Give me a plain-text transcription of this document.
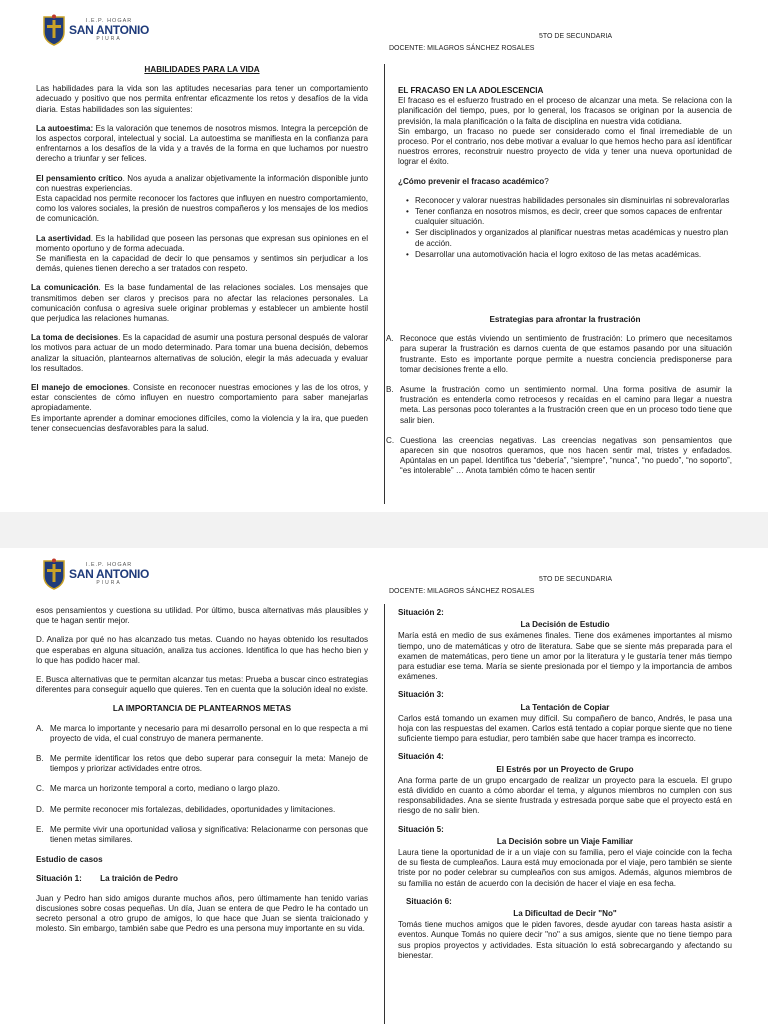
I.E.P. HOGAR
SAN ANTONIO
PIURA	5TO DE SECUNDARIA
DOCENTE: MILAGROS SÁNCHEZ ROSALES
HABILIDADES PARA LA VIDA

Las habilidades para la vida son las aptitudes necesarias para tener un comportamiento adecuado y positivo que nos permita enfrentar eficazmente los retos y desafíos de la vida diaria. Estas habilidades son las siguientes:

La autoestima: Es la valoración que tenemos de nosotros mismos. Integra la percepción de los aspectos corporal, intelectual y social. La autoestima se manifiesta en la confianza para enfrentarnos a los desafíos de la vida y a través de la forma en que luchamos por nuestro derecho a triunfar y ser felices.

El pensamiento crítico. Nos ayuda a analizar objetivamente la información disponible junto con nuestras experiencias.
Esta capacidad nos permite reconocer los factores que influyen en nuestro comportamiento, como los valores sociales, la presión de nuestros compañeros y los mensajes de los medios de comunicación.

La asertividad. Es la habilidad que poseen las personas que expresan sus opiniones en el momento oportuno y de forma adecuada.
Se manifiesta en la capacidad de decir lo que pensamos y sentimos sin perjudicar a los demás, quienes tienen derecho a ser tratados con respeto.

La comunicación. Es la base fundamental de las relaciones sociales. Los mensajes que transmitimos deben ser claros y precisos para no afectar las relaciones personales. La comunicación confusa o agresiva suele originar problemas y establecer un ambiente hostil que perjudica las relaciones humanas.

La toma de decisiones. Es la capacidad de asumir una postura personal después de valorar los motivos para actuar de un modo determinado. Para tomar una buena decisión, debemos analizar la situación, plantearnos alternativas de solución, elegir la más adecuada y evaluar los resultados.

El manejo de emociones. Consiste en reconocer nuestras emociones y las de los otros, y estar conscientes de cómo influyen en nuestro comportamiento para saber manejarlas apropiadamente.
Es importante aprender a dominar emociones difíciles, como la violencia y la ira, que pueden tener consecuencias desfavorables para la salud.

EL FRACASO EN LA ADOLESCENCIA
El fracaso es el esfuerzo frustrado en el proceso de alcanzar una meta. Se relaciona con la planificación del tiempo, pues, por lo general, los fracasos se originan por la ausencia de previsión, la mala planificación o la falta de disciplina en nuestra vida cotidiana.

Sin embargo, un fracaso no puede ser considerado como el final irremediable de un proceso. Por el contrario, nos debe motivar a evaluar lo que hemos hecho para así identificar nuestros errores, reconstruir nuestro proyecto de vida y tener una nueva oportunidad de lograr el éxito.

¿Cómo prevenir el fracaso académico?

• Reconocer y valorar nuestras habilidades personales sin disminuirlas ni sobrevalorarlas
• Tener confianza en nosotros mismos, es decir, creer que somos capaces de enfrentar cualquier situación.
• Ser disciplinados y organizados al planificar nuestras metas académicas y nuestro plan de acción.
• Desarrollar una automotivación hacia el logro exitoso de las metas académicas.
Estrategias para afrontar la frustración
A. Reconoce que estás viviendo un sentimiento de frustración: Lo primero que necesitamos para superar la frustración es darnos cuenta de que estamos pasando por una situación frustrante. Esto es importante porque permite a nuestra conciencia predisponerse para tomar decisiones frente a ello.
B. Asume la frustración como un sentimiento normal. Una forma positiva de asumir la frustración es entenderla como retrocesos y recaídas en el camino para llegar a nuestra meta. Las personas poco tolerantes a la frustración creen que en un proceso todo tiene que salir bien.
C. Cuestiona las creencias negativas. Las creencias negativas son pensamientos que aparecen sin que nosotros queramos, que nos hacen sentir mal, tristes y enfadados. Apúntalas en un papel. Identifica tus “debería”, “siempre”, “nunca”, “no puedo”, “no soporto”, “es intolerable” … Anota también cómo te hacen sentir
I.E.P. HOGAR
SAN ANTONIO
PIURA	5TO DE SECUNDARIA
DOCENTE: MILAGROS SÁNCHEZ ROSALES

esos pensamientos y cuestiona su utilidad. Por último, busca alternativas más plausibles y que te hagan sentir mejor.

D. Analiza por qué no has alcanzado tus metas. Cuando no hayas obtenido los resultados que esperabas en alguna situación, analiza tus acciones. Identifica lo que has hecho bien y lo que has podido hacer mal.

E. Busca alternativas que te permitan alcanzar tus metas: Prueba a buscar cinco estrategias diferentes para conseguir aquello que quieres. Ten en cuenta que la solución ideal no existe.

LA IMPORTANCIA DE PLANTEARNOS METAS
A. Me marca lo importante y necesario para mi desarrollo personal en lo que respecta a mi proyecto de vida, el cual construyo de manera permanente.
B. Me permite identificar los retos que debo superar para conseguir la meta: Manejo de tiempos y priorizar actividades entre otros.
C. Me marca un horizonte temporal a corto, mediano o largo plazo.
D. Me permite reconocer mis fortalezas, debilidades, oportunidades y limitaciones.
E. Me permite vivir una oportunidad valiosa y significativa: Relacionarme con personas que tienen metas similares.
Estudio de casos
Situación 1: La traición de Pedro

Juan y Pedro han sido amigos durante muchos años, pero últimamente han tenido varias discusiones sobre cosas pequeñas. Un día, Juan se entera de que Pedro le ha contado un secreto personal a otro grupo de amigos, lo que hace que Juan se sienta traicionado y molesto. Sin embargo, también sabe que Pedro es una persona muy importante en su vida.

Situación 2:
La Decisión de Estudio
María está en medio de sus exámenes finales. Tiene dos exámenes importantes al mismo tiempo, uno de matemáticas y otro de literatura. Sabe que se siente más preparada para el examen de matemáticas, pero tiene un amor por la literatura y le gustaría tener más tiempo para estudiar ese tema. María se siente presionada por el tiempo y la importancia de ambos exámenes.
Situación 3:
La Tentación de Copiar
Carlos está tomando un examen muy difícil. Su compañero de banco, Andrés, le pasa una hoja con las respuestas del examen. Carlos está tentado a copiar porque siente que no tiene suficiente tiempo para estudiar, pero también sabe que hacer trampa es incorrecto.
Situación 4:
El Estrés por un Proyecto de Grupo
Ana forma parte de un grupo encargado de realizar un proyecto para la escuela. El grupo está dividido en cuanto a cómo abordar el tema, y algunos miembros no cumplen con sus responsabilidades. Ana se siente frustrada y estresada porque sabe que el proyecto está en riesgo de no salir bien.
Situación 5:
La Decisión sobre un Viaje Familiar
Laura tiene la oportunidad de ir a un viaje con su familia, pero el viaje coincide con la fecha de su fiesta de cumpleaños. Laura está muy emocionada por el viaje, pero también se siente triste por no poder celebrar su cumpleaños con sus amigos. Además, algunos miembros de su familia no están de acuerdo con la decisión de hacer el viaje en esa fecha.
Situación 6:
La Dificultad de Decir "No"
Tomás tiene muchos amigos que le piden favores, desde ayudar con tareas hasta asistir a eventos. Aunque Tomás no quiere decir "no" a sus amigos, siente que no tiene tiempo para sus propios proyectos y actividades. Esta situación lo está sobrecargando y afectando su bienestar.
